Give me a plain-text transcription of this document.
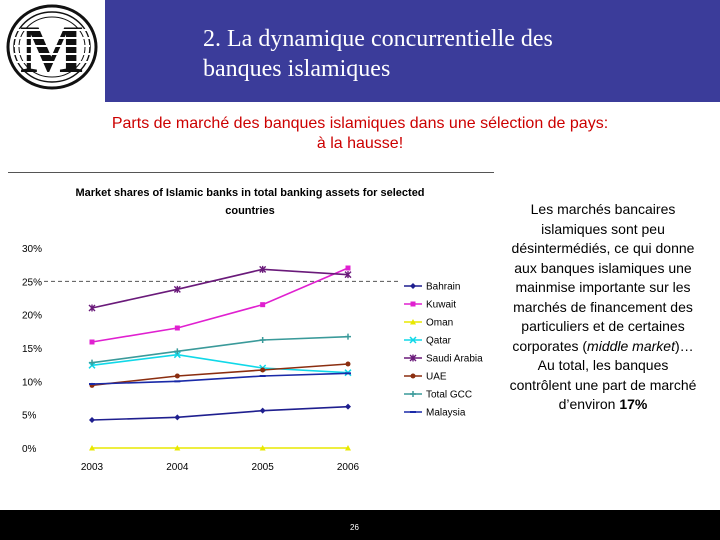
M	2. La dynamique concurrentielle des
banques islamiques
Parts de marché des banques islamiques dans une sélection de pays:
à la hausse!
Market shares of Islamic banks in total banking assets for selected
countries
0%
5%
10%
15%
20%
25%
30%
2003	2004	2005	2006
Bahrain
Kuwait
Oman
Qatar
Saudi Arabia
UAE
Total GCC
Malaysia
Les marchés bancaires islamiques sont peu désintermédiés, ce qui donne aux banques islamiques une mainmise importante sur les marchés de financement des particuliers et de certaines corporates (middle market)… Au total, les banques contrôlent une part de marché d’environ 17%
26
